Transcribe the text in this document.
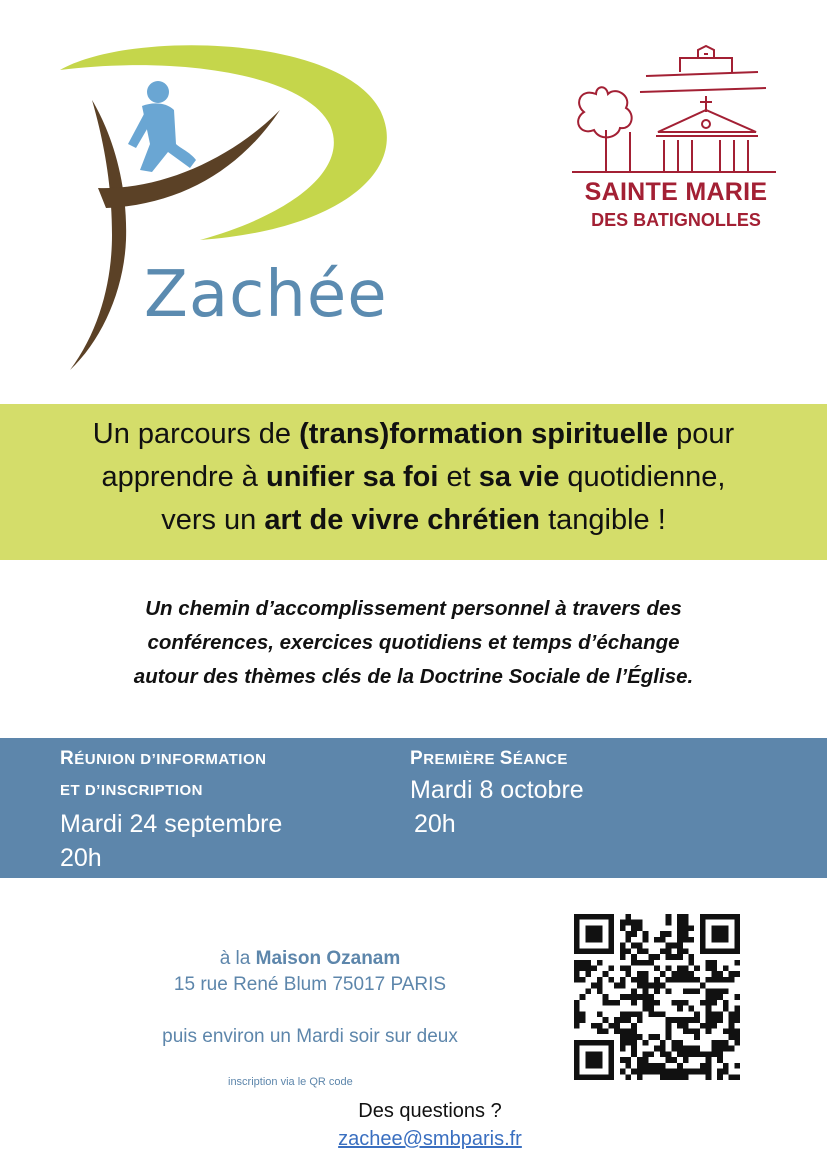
Zachée
SAINTE MARIE
DES BATIGNOLLES

Un parcours de (trans)formation spirituelle pour

apprendre à unifier sa foi et sa vie quotidienne,

vers un art de vivre chrétien tangible !

Un chemin d’accomplissement personnel à travers des
conférences, exercices quotidiens et temps d’échange
autour des thèmes clés de la Doctrine Sociale de l’Église.
RÉUNION D’INFORMATION
ET D’INSCRIPTION
Mardi 24 septembre
20h
PREMIÈRE SÉANCE
Mardi 8 octobre
20h
à la Maison Ozanam
15 rue René Blum 75017 PARIS
puis environ un Mardi soir sur deux
inscription via le QR code
Des questions ?
zachee@smbparis.fr
